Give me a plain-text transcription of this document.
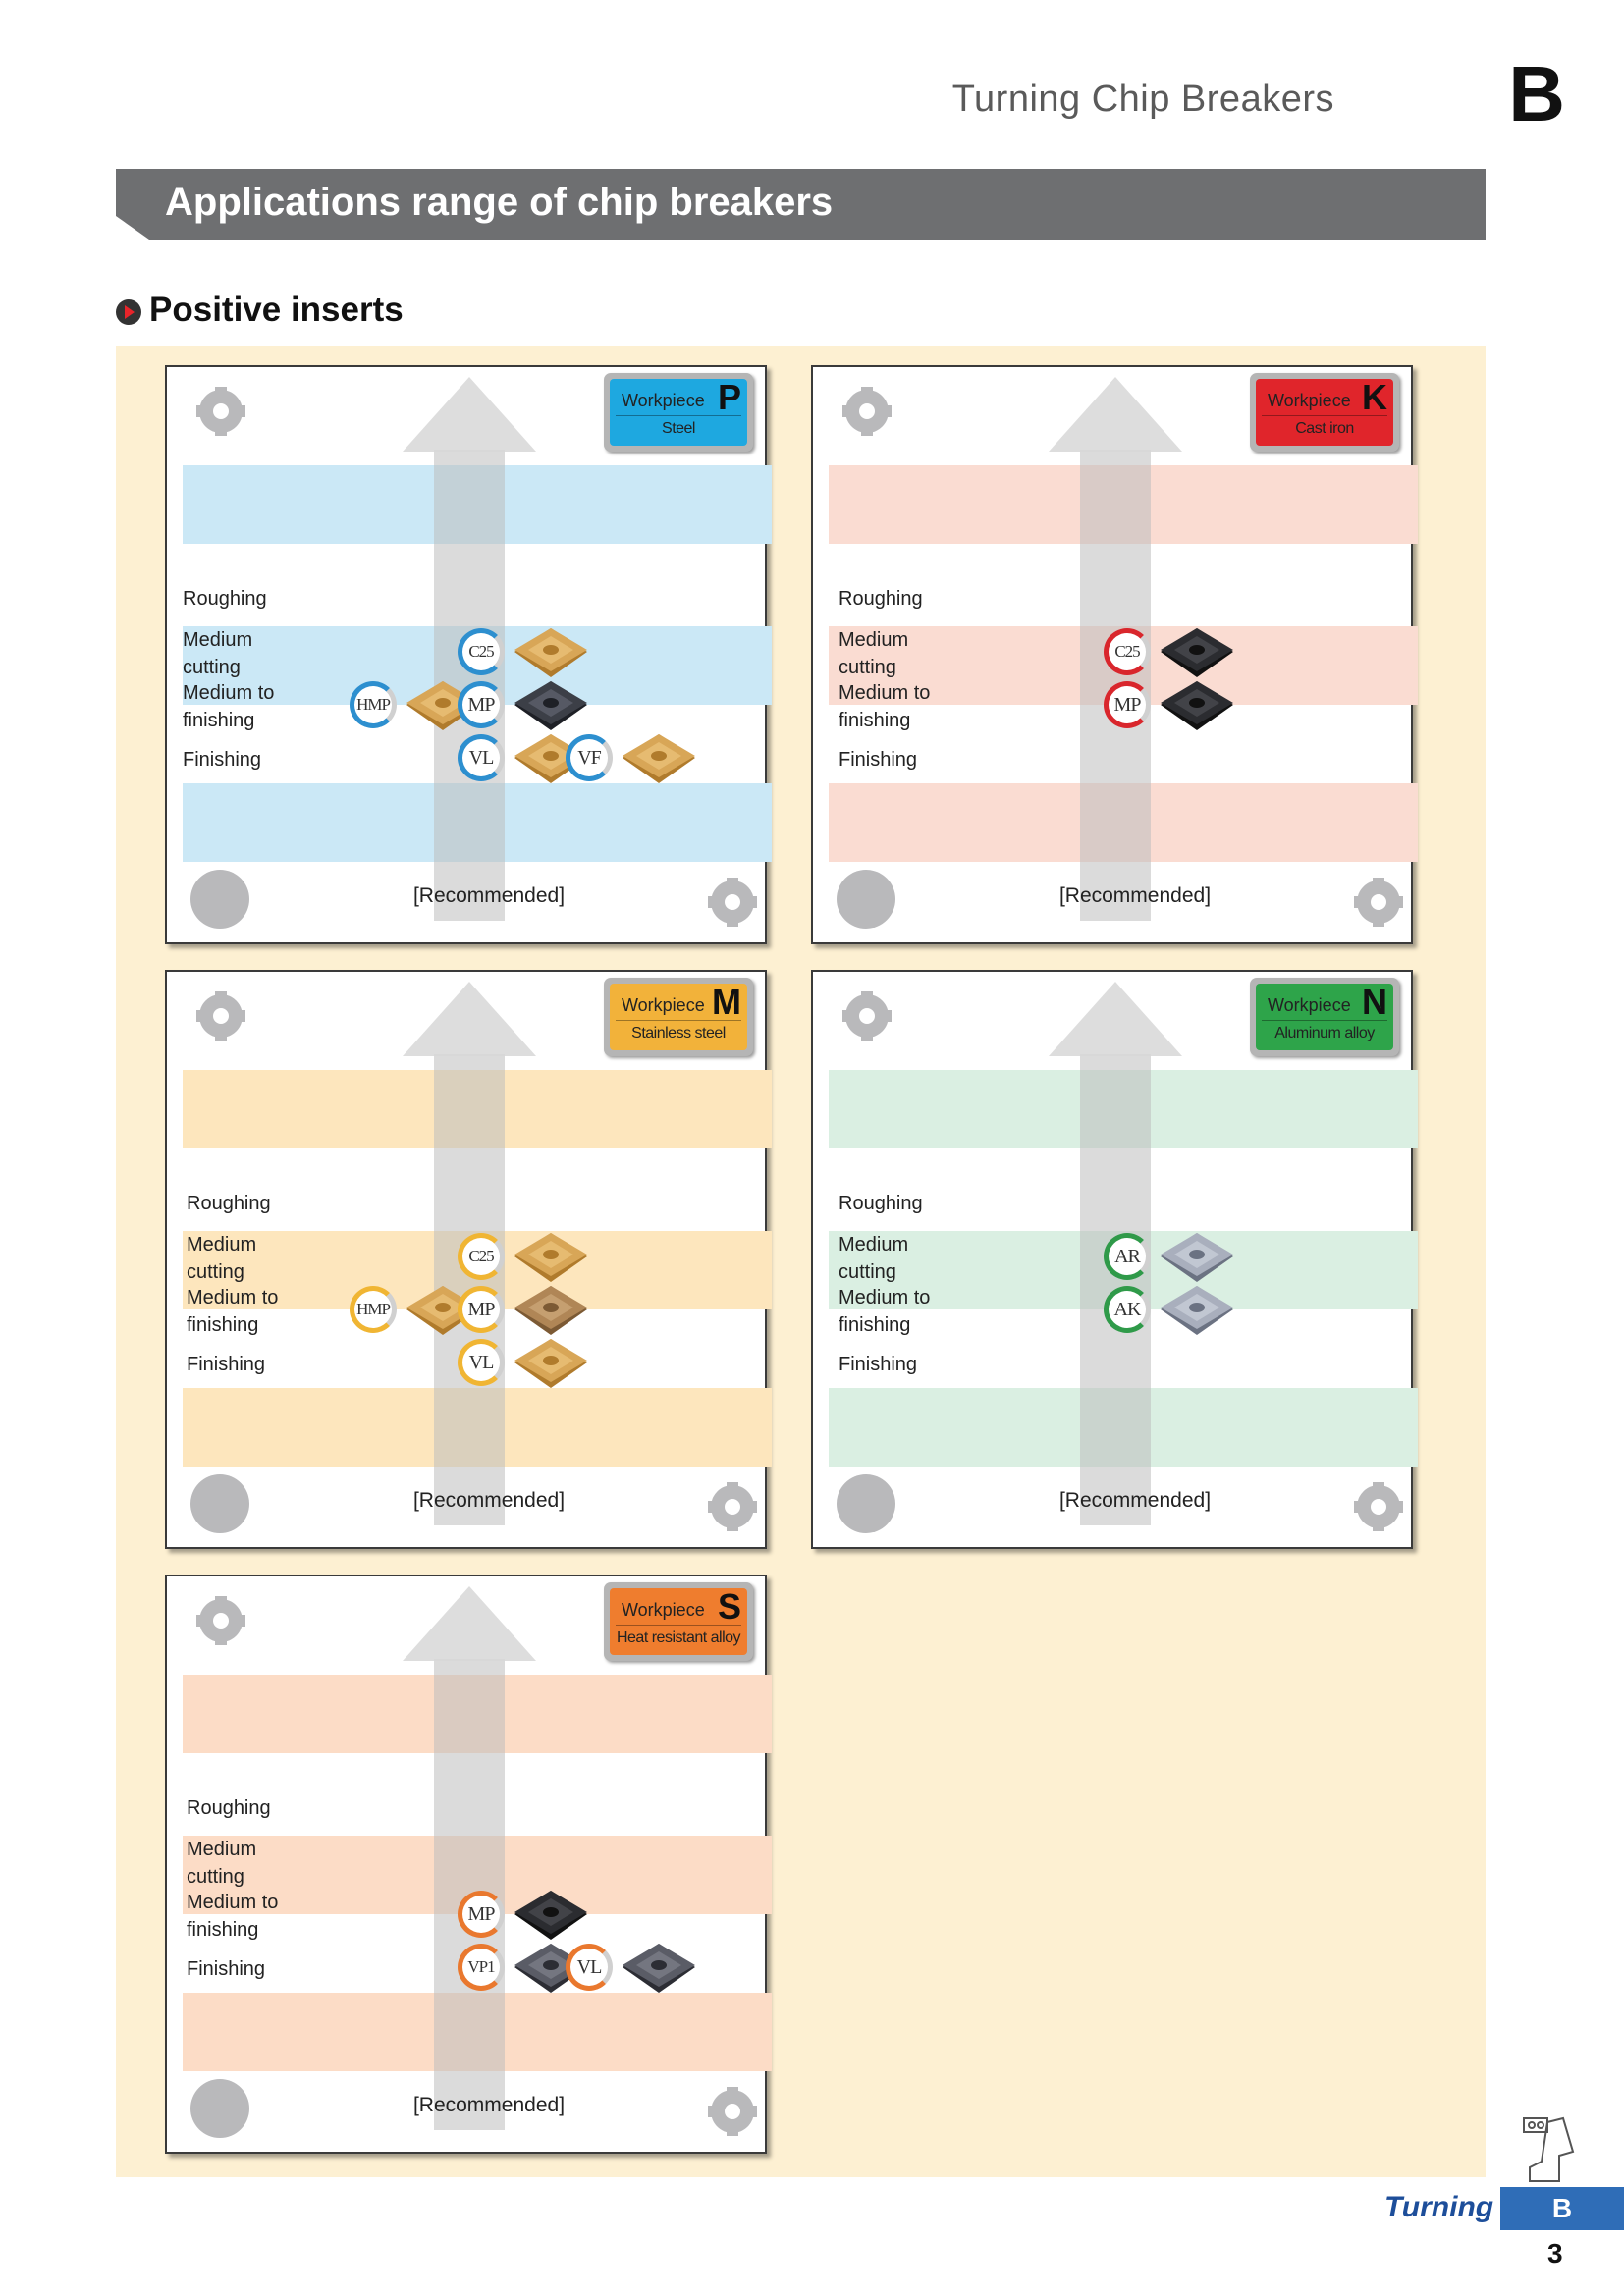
Turning Chip Breakers B
Applications range of chip breakers
Positive inserts
Workpiece P
Steel
Roughing
Medium
cutting
C25
Medium to
finishing
HMP	MP
Finishing	VL	VF
[Recommended]
Workpiece K
Cast iron
Roughing
Medium
cutting
C25
Medium to
finishing
MP
Finishing
[Recommended]
Workpiece M
Stainless steel
Roughing
Medium
cutting
C25
Medium to
finishing
HMP	MP
Finishing	VL
[Recommended]
Workpiece N
Aluminum alloy
Roughing
Medium
cutting
AR
Medium to
finishing
AK
Finishing
[Recommended]
Workpiece S
Heat resistant alloy
Roughing
Medium
cutting
Medium to
finishing
MP
Finishing	VP1	VL
[Recommended]
Turning	B
3
